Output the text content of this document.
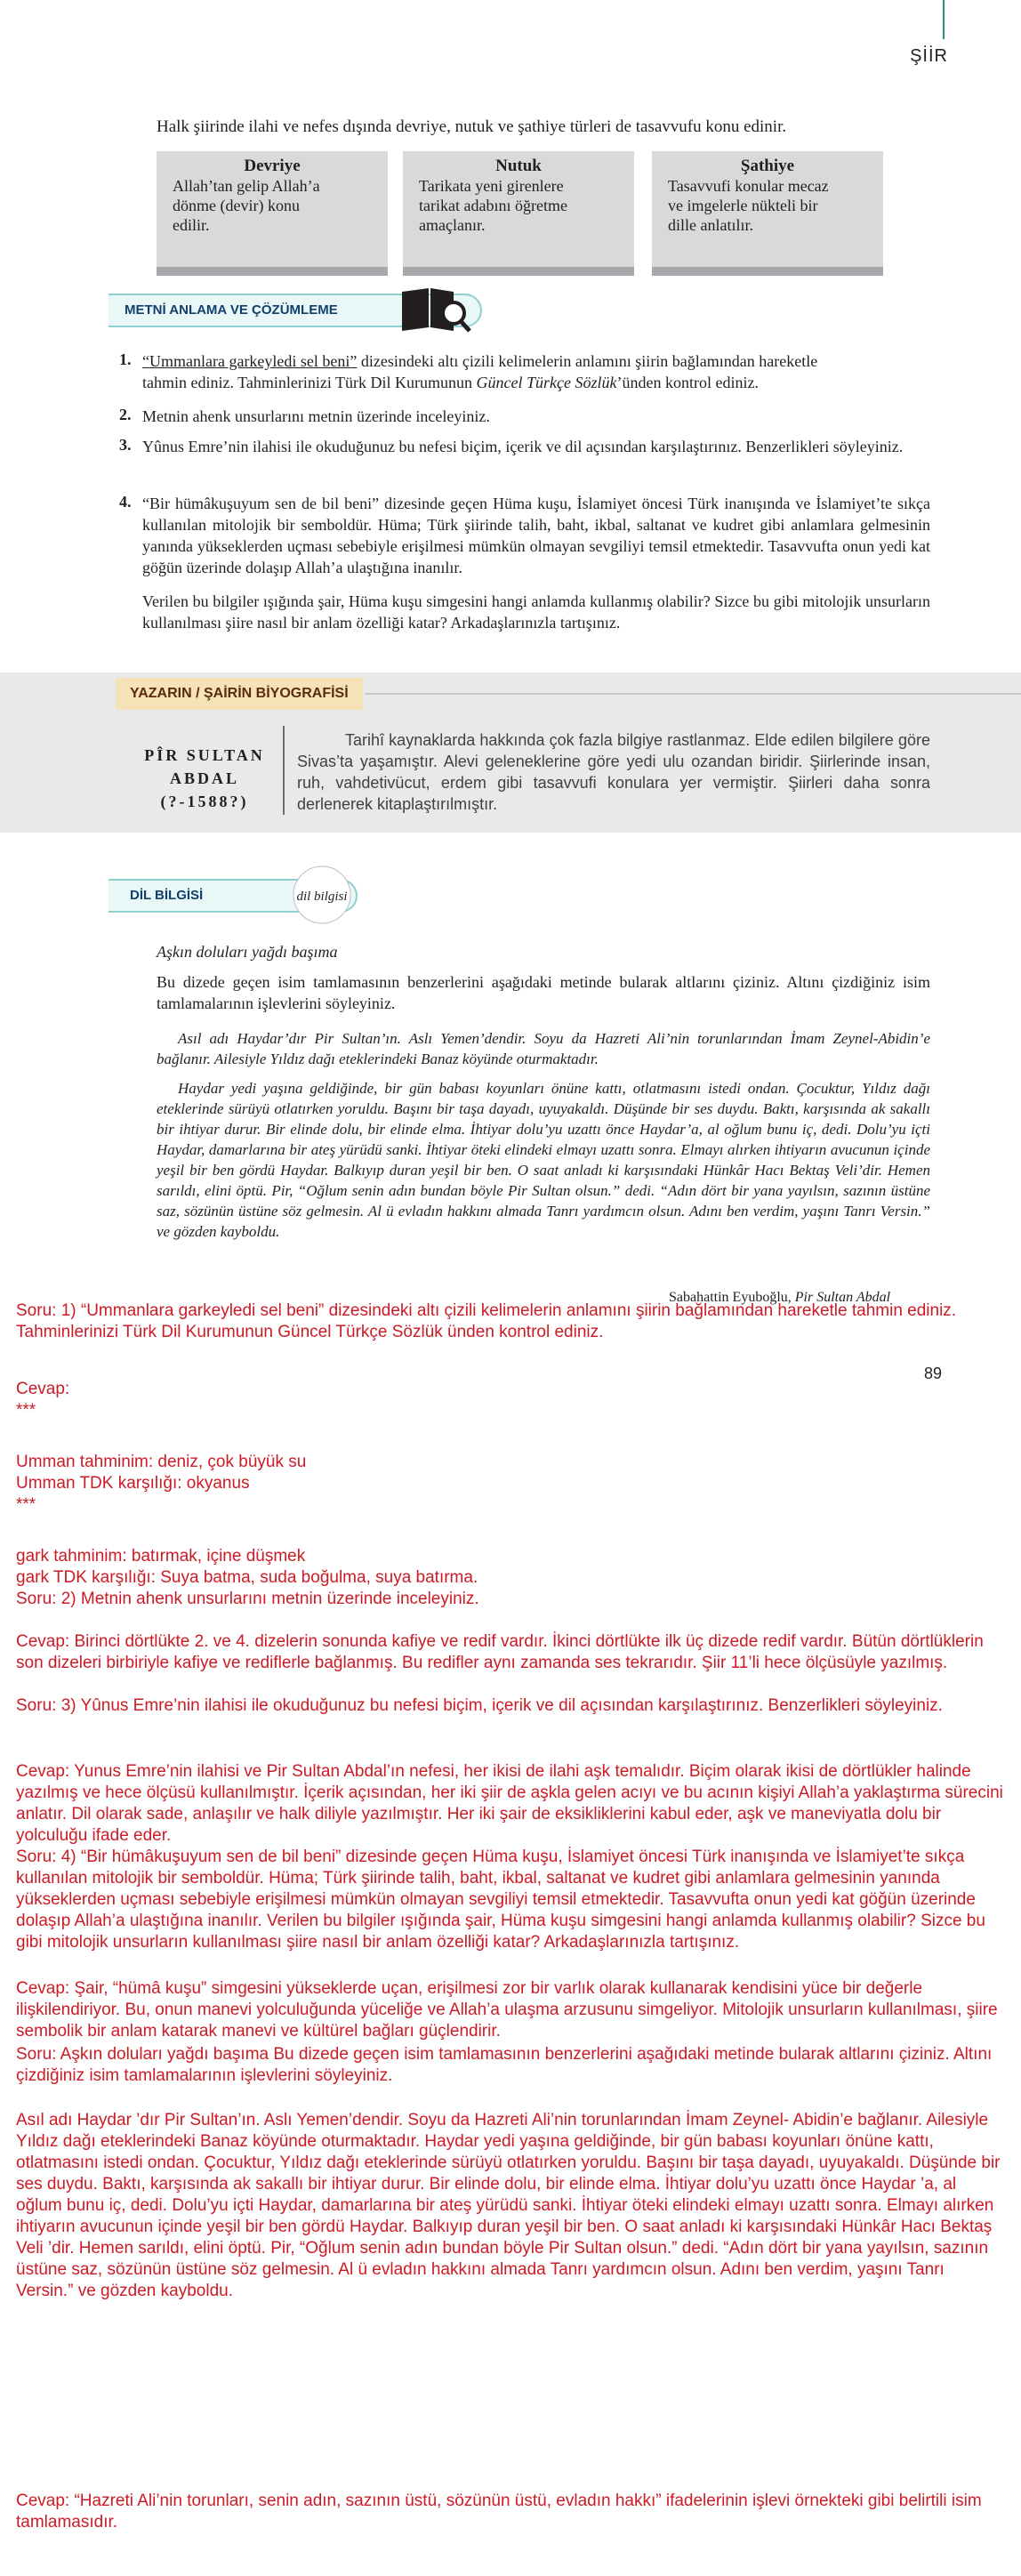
ŞİİR
Halk şiirinde ilahi ve nefes dışında devriye, nutuk ve şathiye türleri de tasavvufu konu edinir.
Devriye
Allah’tan gelip Allah’a
dönme (devir) konu
edilir.
Nutuk
Tarikata yeni girenlere
tarikat adabını öğretme
amaçlanır.
Şathiye
Tasavvufi konular mecaz
ve imgelerle nükteli bir
dille anlatılır.
METNİ ANLAMA VE ÇÖZÜMLEME
1. “Ummanlara garkeyledi sel beni” dizesindeki altı çizili kelimelerin anlamını şiirin bağlamından hareketle
tahmin ediniz. Tahminlerinizi Türk Dil Kurumunun Güncel Türkçe Sözlük’ünden kontrol ediniz.
2. Metnin ahenk unsurlarını metnin üzerinde inceleyiniz.
3. Yûnus Emre’nin ilahisi ile okuduğunuz bu nefesi biçim, içerik ve dil açısından karşılaştırınız. Benzerlikleri söyleyiniz.
4. “Bir hümâkuşuyum sen de bil beni” dizesinde geçen Hüma kuşu, İslamiyet öncesi Türk inanışında ve İslamiyet’te sıkça kullanılan mitolojik bir semboldür. Hüma; Türk şiirinde talih, baht, ikbal, saltanat ve kudret gibi anlamlara gelmesinin yanında yükseklerden uçması sebebiyle erişilmesi mümkün olmayan sevgiliyi temsil etmektedir. Tasavvufta onun yedi kat göğün üzerinde dolaşıp Allah’a ulaştığına inanılır.
Verilen bu bilgiler ışığında şair, Hüma kuşu simgesini hangi anlamda kullanmış olabilir? Sizce bu gibi mitolojik unsurların kullanılması şiire nasıl bir anlam özelliği katar? Arkadaşlarınızla tartışınız.
YAZARIN / ŞAİRİN BİYOGRAFİSİ
PÎR SULTAN
ABDAL
(?-1588?)
Tarihî kaynaklarda hakkında çok fazla bilgiye rastlanmaz. Elde edilen bilgilere göre Sivas’ta yaşamıştır. Alevi geleneklerine göre yedi ulu ozandan biridir. Şiirlerinde insan, ruh, vahdetivücut, erdem gibi tasavvufi konulara yer vermiştir. Şiirleri daha sonra derlenerek kitaplaştırılmıştır.
DİL BİLGİSİ	dil bilgisi
Aşkın doluları yağdı başıma
Bu dizede geçen isim tamlamasının benzerlerini aşağıdaki metinde bularak altlarını çiziniz. Altını çizdiğiniz isim tamlamalarının işlevlerini söyleyiniz.
Asıl adı Haydar’dır Pir Sultan’ın. Aslı Yemen’dendir. Soyu da Hazreti Ali’nin torunlarından İmam Zeynel-Abidin’e bağlanır. Ailesiyle Yıldız dağı eteklerindeki Banaz köyünde oturmaktadır.
Haydar yedi yaşına geldiğinde, bir gün babası koyunları önüne kattı, otlatmasını istedi ondan. Çocuktur, Yıldız dağı eteklerinde sürüyü otlatırken yoruldu. Başını bir taşa dayadı, uyuyakaldı. Düşünde bir ses duydu. Baktı, karşısında ak sakallı bir ihtiyar durur. Bir elinde dolu, bir elinde elma. İhtiyar dolu’yu uzattı önce Haydar’a, al oğlum bunu iç, dedi. Dolu’yu içti Haydar, damarlarına bir ateş yürüdü sanki. İhtiyar öteki elindeki elmayı uzattı sonra. Elmayı alırken ihtiyarın avucunun içinde yeşil bir ben gördü Haydar. Balkıyıp duran yeşil bir ben. O saat anladı ki karşısındaki Hünkâr Hacı Bektaş Veli’dir. Hemen sarıldı, elini öptü. Pir, “Oğlum senin adın bundan böyle Pir Sultan olsun.” dedi. “Adın dört bir yana yayılsın, sazının üstüne saz, sözünün üstüne söz gelmesin. Al ü evladın hakkını almada Tanrı yardımcın olsun. Adını ben verdim, yaşını Tanrı Versin.” ve gözden kayboldu.
Sabahattin Eyuboğlu, Pir Sultan Abdal
Soru: 1) “Ummanlara garkeyledi sel beni” dizesindeki altı çizili kelimelerin anlamını şiirin bağlamından hareketle tahmin ediniz. Tahminlerinizi Türk Dil Kurumunun Güncel Türkçe Sözlük ünden kontrol ediniz.
89
Cevap:
***
Umman tahminim: deniz, çok büyük su
Umman TDK karşılığı: okyanus
***
gark tahminim: batırmak, içine düşmek
gark TDK karşılığı: Suya batma, suda boğulma, suya batırma.
Soru: 2) Metnin ahenk unsurlarını metnin üzerinde inceleyiniz.
Cevap: Birinci dörtlükte 2. ve 4. dizelerin sonunda kafiye ve redif vardır. İkinci dörtlükte ilk üç dizede redif vardır. Bütün dörtlüklerin son dizeleri birbiriyle kafiye ve rediflerle bağlanmış. Bu redifler aynı zamanda ses tekrarıdır. Şiir 11’li hece ölçüsüyle yazılmış.
Soru: 3) Yûnus Emre’nin ilahisi ile okuduğunuz bu nefesi biçim, içerik ve dil açısından karşılaştırınız. Benzerlikleri söyleyiniz.
Cevap: Yunus Emre’nin ilahisi ve Pir Sultan Abdal’ın nefesi, her ikisi de ilahi aşk temalıdır. Biçim olarak ikisi de dörtlükler halinde yazılmış ve hece ölçüsü kullanılmıştır. İçerik açısından, her iki şiir de aşkla gelen acıyı ve bu acının kişiyi Allah’a yaklaştırma sürecini anlatır. Dil olarak sade, anlaşılır ve halk diliyle yazılmıştır. Her iki şair de eksikliklerini kabul eder, aşk ve maneviyatla dolu bir yolculuğu ifade eder.
Soru: 4) “Bir hümâkuşuyum sen de bil beni” dizesinde geçen Hüma kuşu, İslamiyet öncesi Türk inanışında ve İslamiyet’te sıkça kullanılan mitolojik bir semboldür. Hüma; Türk şiirinde talih, baht, ikbal, saltanat ve kudret gibi anlamlara gelmesinin yanında yükseklerden uçması sebebiyle erişilmesi mümkün olmayan sevgiliyi temsil etmektedir. Tasavvufta onun yedi kat göğün üzerinde dolaşıp Allah’a ulaştığına inanılır. Verilen bu bilgiler ışığında şair, Hüma kuşu simgesini hangi anlamda kullanmış olabilir? Sizce bu gibi mitolojik unsurların kullanılması şiire nasıl bir anlam özelliği katar? Arkadaşlarınızla tartışınız.
Cevap: Şair, “hümâ kuşu” simgesini yükseklerde uçan, erişilmesi zor bir varlık olarak kullanarak kendisini yüce bir değerle ilişkilendiriyor. Bu, onun manevi yolculuğunda yüceliğe ve Allah’a ulaşma arzusunu simgeliyor. Mitolojik unsurların kullanılması, şiire sembolik bir anlam katarak manevi ve kültürel bağları güçlendirir.
Soru: Aşkın doluları yağdı başıma Bu dizede geçen isim tamlamasının benzerlerini aşağıdaki metinde bularak altlarını çiziniz. Altını çizdiğiniz isim tamlamalarının işlevlerini söyleyiniz.
Asıl adı Haydar ’dır Pir Sultan’ın. Aslı Yemen’dendir. Soyu da Hazreti Ali’nin torunlarından İmam Zeynel- Abidin’e bağlanır. Ailesiyle Yıldız dağı eteklerindeki Banaz köyünde oturmaktadır. Haydar yedi yaşına geldiğinde, bir gün babası koyunları önüne kattı, otlatmasını istedi ondan. Çocuktur, Yıldız dağı eteklerinde sürüyü otlatırken yoruldu. Başını bir taşa dayadı, uyuyakaldı. Düşünde bir ses duydu. Baktı, karşısında ak sakallı bir ihtiyar durur. Bir elinde dolu, bir elinde elma. İhtiyar dolu’yu uzattı önce Haydar ’a, al oğlum bunu iç, dedi. Dolu’yu içti Haydar, damarlarına bir ateş yürüdü sanki. İhtiyar öteki elindeki elmayı uzattı sonra. Elmayı alırken ihtiyarın avucunun içinde yeşil bir ben gördü Haydar. Balkıyıp duran yeşil bir ben. O saat anladı ki karşısındaki Hünkâr Hacı Bektaş Veli ’dir. Hemen sarıldı, elini öptü. Pir, “Oğlum senin adın bundan böyle Pir Sultan olsun.” dedi. “Adın dört bir yana yayılsın, sazının üstüne saz, sözünün üstüne söz gelmesin. Al ü evladın hakkını almada Tanrı yardımcın olsun. Adını ben verdim, yaşını Tanrı Versin.” ve gözden kayboldu.
Cevap: “Hazreti Ali’nin torunları, senin adın, sazının üstü, sözünün üstü, evladın hakkı” ifadelerinin işlevi örnekteki gibi belirtili isim tamlamasıdır.
